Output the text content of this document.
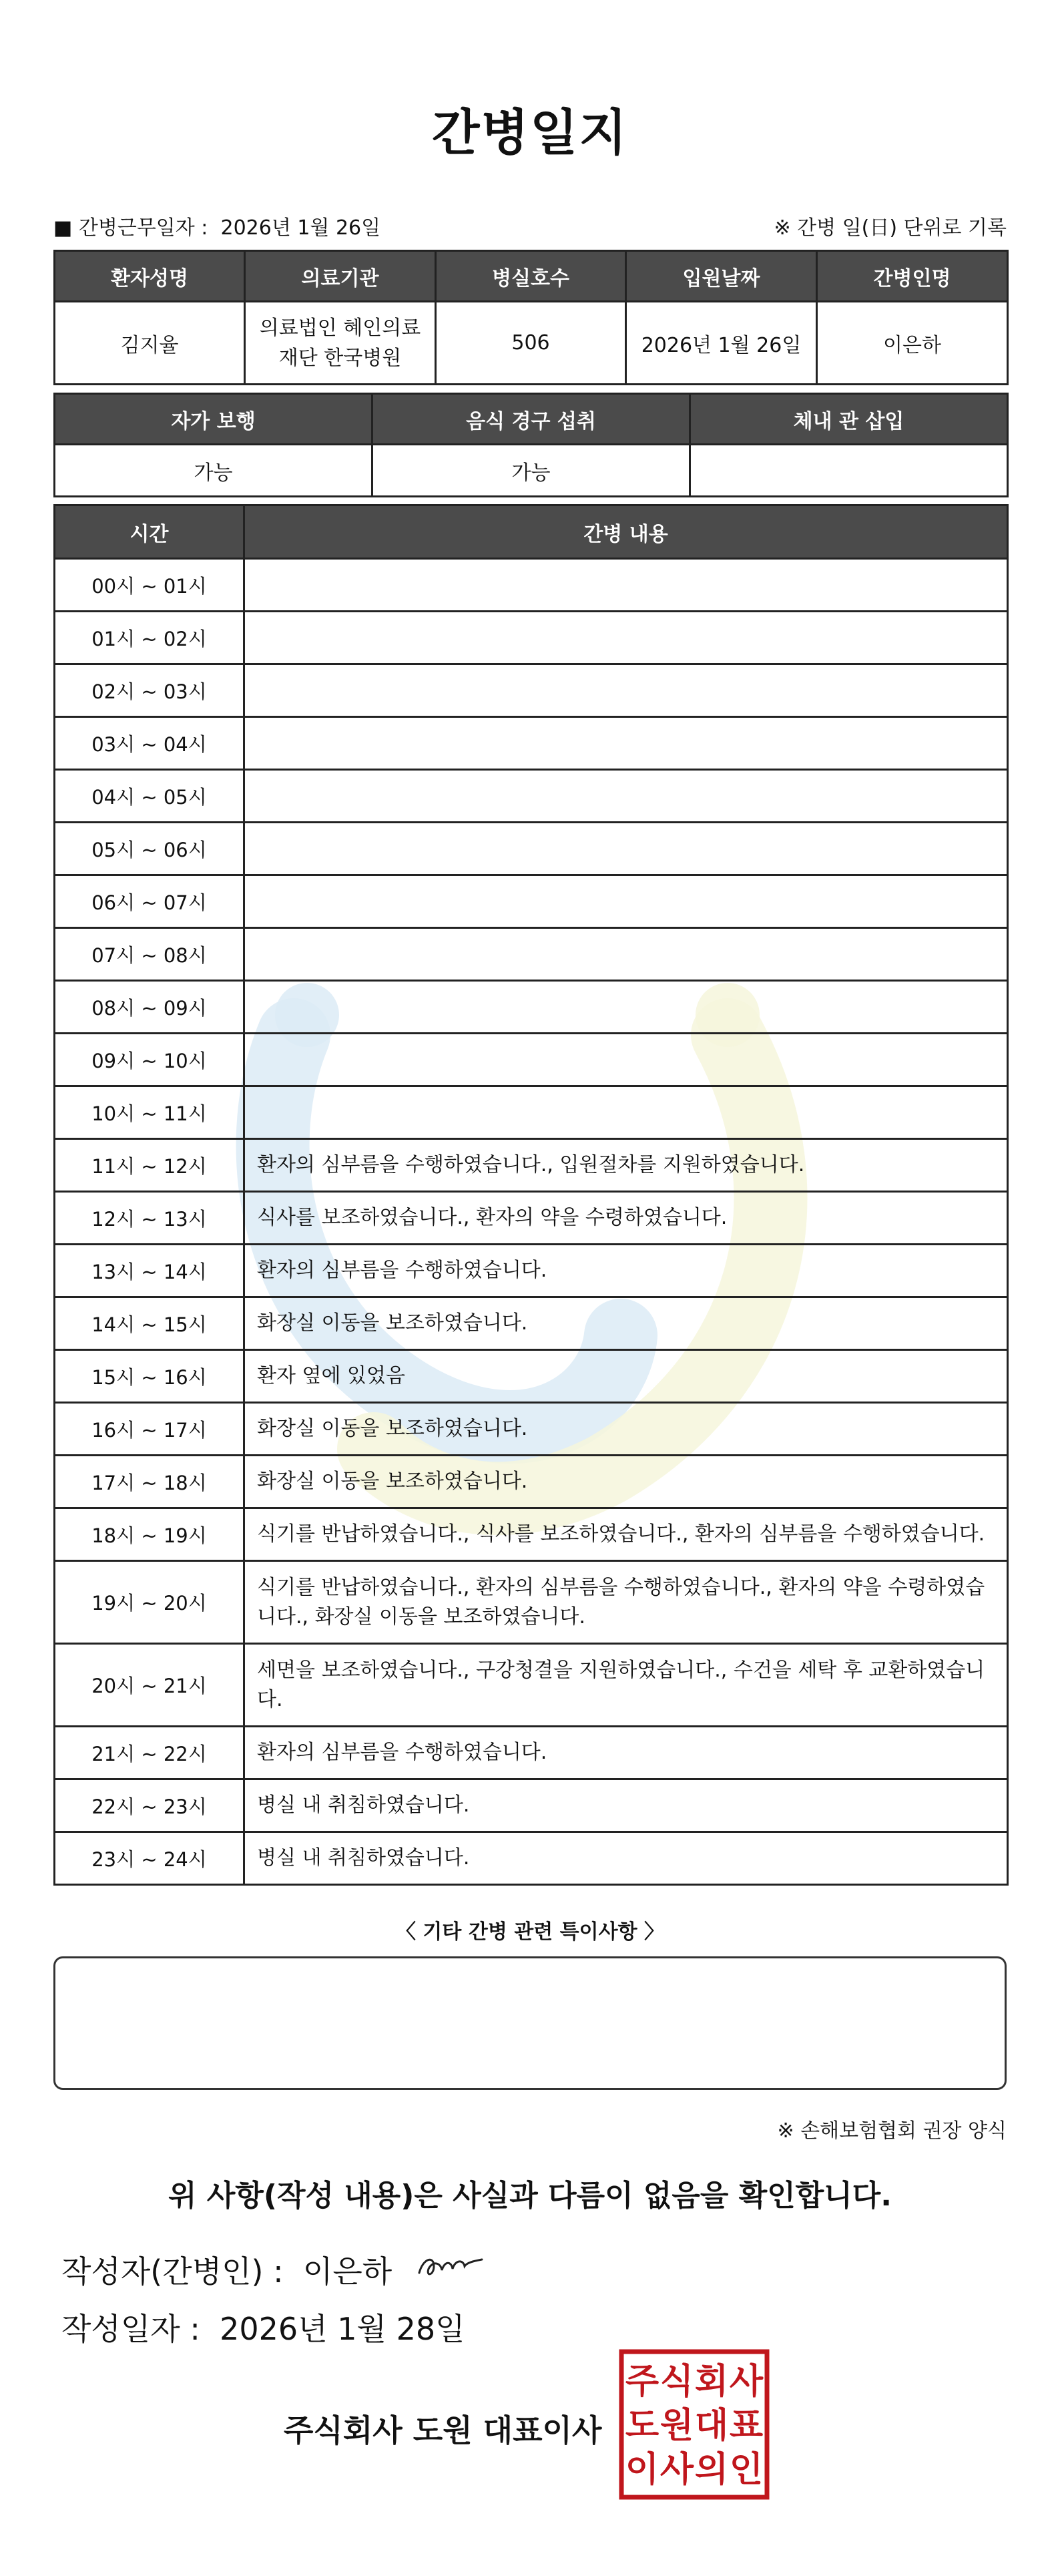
간병일지
■ 간병근무일자 : 2026년 1월 26일	※ 간병 일(日) 단위로 기록
환자성명	의료기관	병실호수	입원날짜	간병인명
김지율	의료법인 혜인의료
재단 한국병원	506	2026년 1월 26일	이은하
자가 보행	음식 경구 섭취	체내 관 삽입
가능	가능	
시간	간병 내용
00시 ~ 01시	
01시 ~ 02시	
02시 ~ 03시	
03시 ~ 04시	
04시 ~ 05시	
05시 ~ 06시	
06시 ~ 07시	
07시 ~ 08시	
08시 ~ 09시	
09시 ~ 10시	
10시 ~ 11시	
11시 ~ 12시	환자의 심부름을 수행하였습니다., 입원절차를 지원하였습니다.
12시 ~ 13시	식사를 보조하였습니다., 환자의 약을 수령하였습니다.
13시 ~ 14시	환자의 심부름을 수행하였습니다.
14시 ~ 15시	화장실 이동을 보조하였습니다.
15시 ~ 16시	환자 옆에 있었음
16시 ~ 17시	화장실 이동을 보조하였습니다.
17시 ~ 18시	화장실 이동을 보조하였습니다.
18시 ~ 19시	식기를 반납하였습니다., 식사를 보조하였습니다., 환자의 심부름을 수행하였습니다.
19시 ~ 20시	식기를 반납하였습니다., 환자의 심부름을 수행하였습니다., 환자의 약을 수령하였습니다., 화장실 이동을 보조하였습니다.
20시 ~ 21시	세면을 보조하였습니다., 구강청결을 지원하였습니다., 수건을 세탁 후 교환하였습니다.
21시 ~ 22시	환자의 심부름을 수행하였습니다.
22시 ~ 23시	병실 내 취침하였습니다.
23시 ~ 24시	병실 내 취침하였습니다.
〈 기타 간병 관련 특이사항 〉
※ 손해보험협회 권장 양식
위 사항(작성 내용)은 사실과 다름이 없음을 확인합니다.
작성자(간병인) : 이은하
작성일자 : 2026년 1월 28일
주식회사 도원 대표이사
주 식 회 사
도 원 대 표
이 사 의 인
